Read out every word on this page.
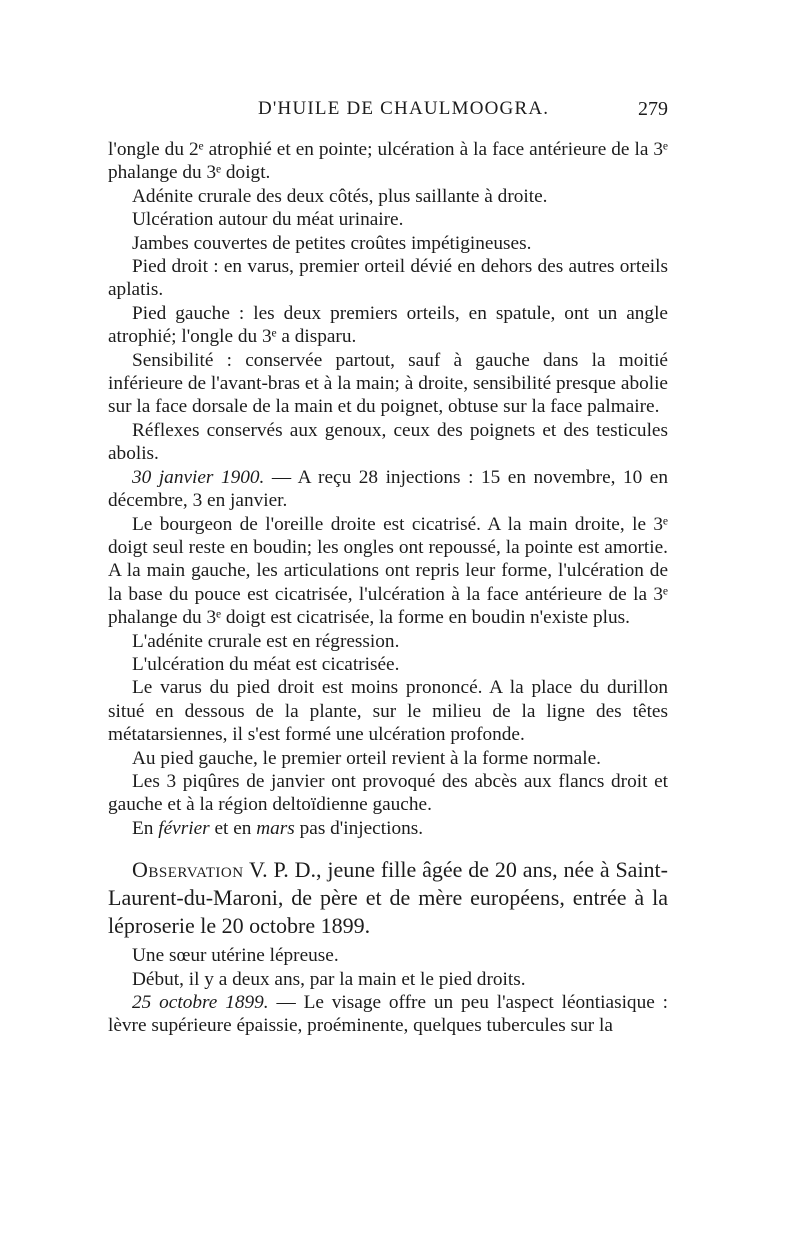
D'HUILE DE CHAULMOOGRA.	279

l'ongle du 2ᵉ atrophié et en pointe; ulcération à la face antérieure de la 3ᵉ phalange du 3ᵉ doigt.

Adénite crurale des deux côtés, plus saillante à droite.

Ulcération autour du méat urinaire.

Jambes couvertes de petites croûtes impétigineuses.

Pied droit : en varus, premier orteil dévié en dehors des autres orteils aplatis.

Pied gauche : les deux premiers orteils, en spatule, ont un angle atrophié; l'ongle du 3ᵉ a disparu.

Sensibilité : conservée partout, sauf à gauche dans la moitié inférieure de l'avant-bras et à la main; à droite, sensibilité presque abolie sur la face dorsale de la main et du poignet, obtuse sur la face palmaire.

Réflexes conservés aux genoux, ceux des poignets et des testicules abolis.

30 janvier 1900. — A reçu 28 injections : 15 en novembre, 10 en décembre, 3 en janvier.

Le bourgeon de l'oreille droite est cicatrisé. A la main droite, le 3ᵉ doigt seul reste en boudin; les ongles ont repoussé, la pointe est amortie. A la main gauche, les articulations ont repris leur forme, l'ulcération de la base du pouce est cicatrisée, l'ulcération à la face antérieure de la 3ᵉ phalange du 3ᵉ doigt est cicatrisée, la forme en boudin n'existe plus.

L'adénite crurale est en régression.

L'ulcération du méat est cicatrisée.

Le varus du pied droit est moins prononcé. A la place du durillon situé en dessous de la plante, sur le milieu de la ligne des têtes métatarsiennes, il s'est formé une ulcération profonde.

Au pied gauche, le premier orteil revient à la forme normale.

Les 3 piqûres de janvier ont provoqué des abcès aux flancs droit et gauche et à la région deltoïdienne gauche.

En février et en mars pas d'injections.

Observation V. P. D., jeune fille âgée de 20 ans, née à Saint-Laurent-du-Maroni, de père et de mère européens, entrée à la léproserie le 20 octobre 1899.

Une sœur utérine lépreuse.

Début, il y a deux ans, par la main et le pied droits.

25 octobre 1899. — Le visage offre un peu l'aspect léontiasique : lèvre supérieure épaissie, proéminente, quelques tubercules sur la
